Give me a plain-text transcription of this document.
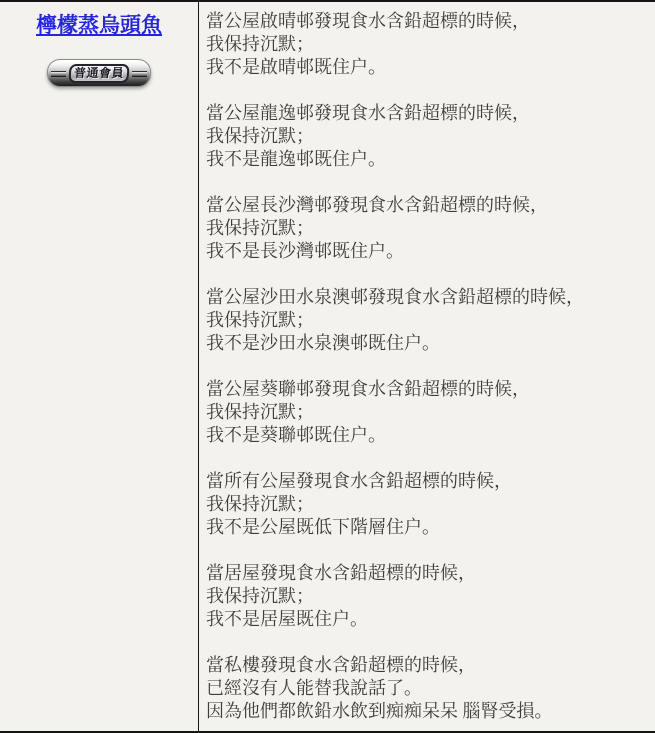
檸檬蒸烏頭魚
普通會員
當公屋啟晴邨發現食水含鉛超標的時候，
我保持沉默；
我不是啟晴邨既住户。
當公屋龍逸邨發現食水含鉛超標的時候，
我保持沉默；
我不是龍逸邨既住户。
當公屋長沙灣邨發現食水含鉛超標的時候，
我保持沉默；
我不是長沙灣邨既住户。
當公屋沙田水泉澳邨發現食水含鉛超標的時候，
我保持沉默；
我不是沙田水泉澳邨既住户。
當公屋葵聯邨發現食水含鉛超標的時候，
我保持沉默；
我不是葵聯邨既住户。
當所有公屋發現食水含鉛超標的時候，
我保持沉默；
我不是公屋既低下階層住户。
當居屋發現食水含鉛超標的時候，
我保持沉默；
我不是居屋既住户。
當私樓發現食水含鉛超標的時候，
已經沒有人能替我說話了。
因為他們都飲鉛水飲到痴痴呆呆 腦腎受損。
